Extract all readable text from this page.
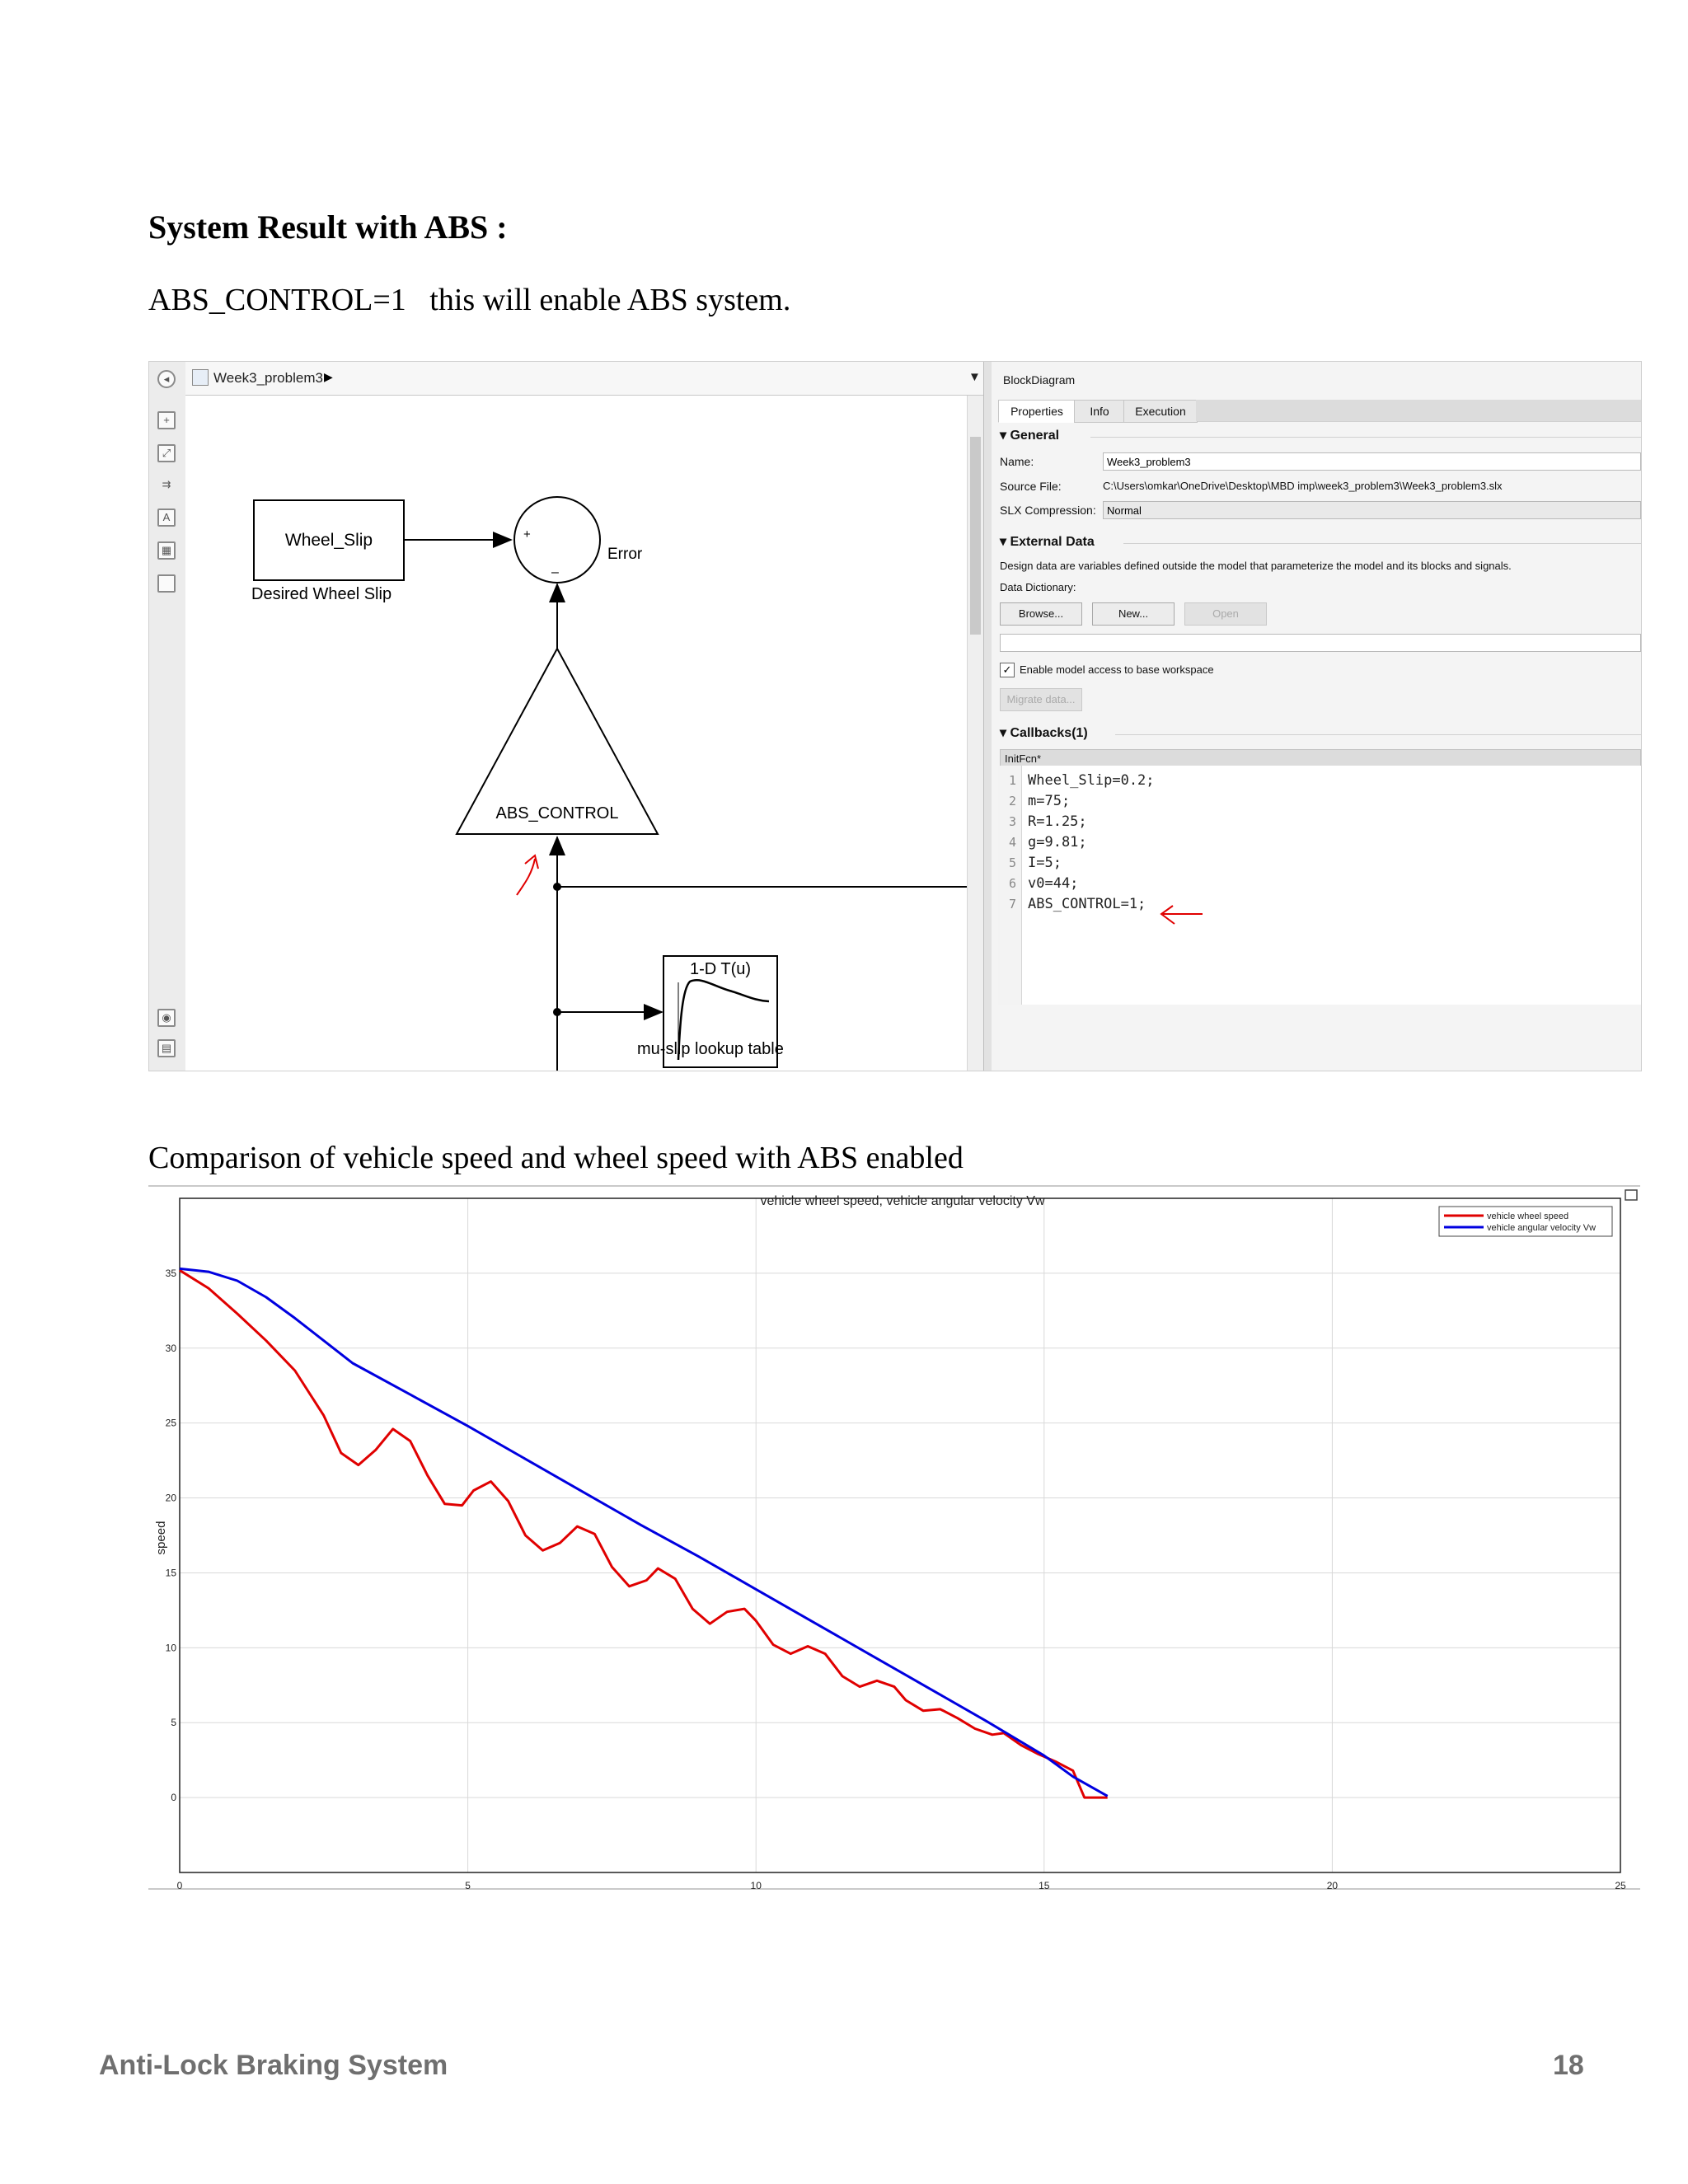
System Result with ABS :
ABS_CONTROL=1   this will enable ABS system.
◂
+
⤢
⇉
A
▦
◉
▤
Week3_problem3 ▶	▼
Wheel_Slip
Desired Wheel Slip
+
–
Error
ABS_CONTROL
1-D T(u)
mu-slip lookup table
BlockDiagram
Properties	Info	Execution
▾ General
Name:	Week3_problem3
Source File:	C:\Users\omkar\OneDrive\Desktop\MBD imp\week3_problem3\Week3_problem3.slx
SLX Compression:	Normal
▾ External Data
Design data are variables defined outside the model that parameterize the model and its blocks and signals.
Data Dictionary:
Browse...	New...	Open
✓ Enable model access to base workspace
Migrate data...
▾ Callbacks(1)
InitFcn*
1 Wheel_Slip=0.2;
2 m=75;
3 R=1.25;
4 g=9.81;
5 I=5;
6 v0=44;
7 ABS_CONTROL=1;
Comparison of vehicle speed and wheel speed with ABS enabled
vehicle wheel speed, vehicle angular velocity Vw
speed
0	5	10	15	20	25
0
5
10
15
20
25
30
35
vehicle wheel speed
vehicle angular velocity Vw
Anti-Lock Braking System	18
